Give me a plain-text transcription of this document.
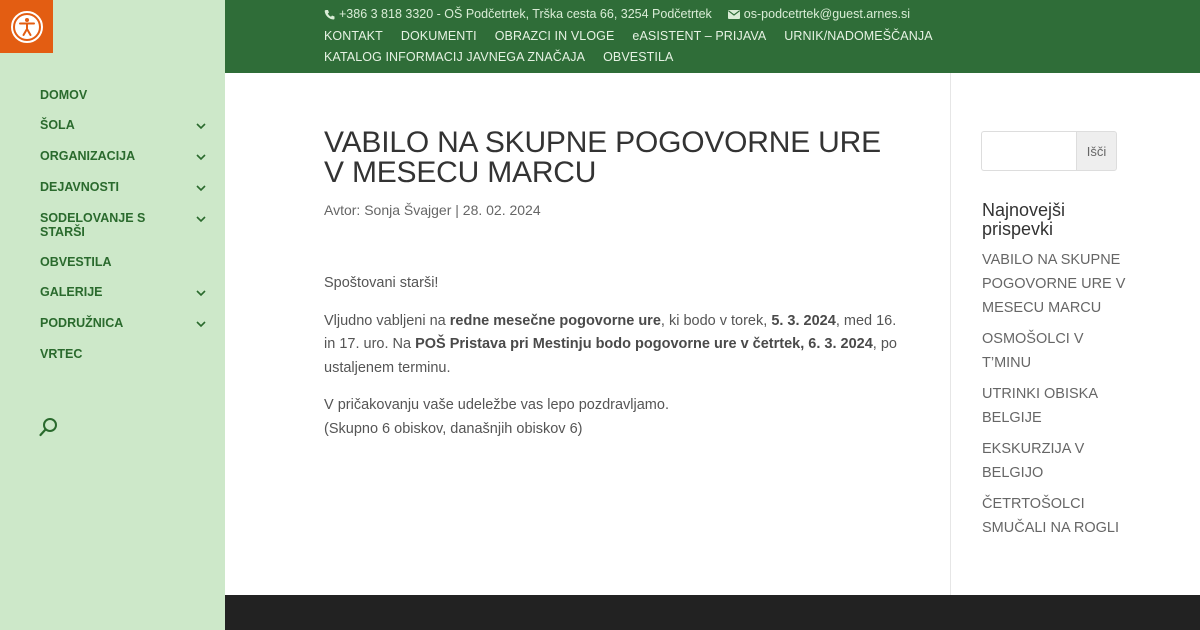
DOMOV
ŠOLA
ORGANIZACIJA
DEJAVNOSTI
SODELOVANJE S STARŠI
OBVESTILA
GALERIJE
PODRUŽNICA
VRTEC
+386 3 818 3320 - OŠ Podčetrtek, Trška cesta 66, 3254 Podčetrtek	os-podcetrtek@guest.arnes.si
KONTAKT DOKUMENTI OBRAZCI IN VLOGE eASISTENT – PRIJAVA URNIK/NADOMEŠČANJA
KATALOG INFORMACIJ JAVNEGA ZNAČAJA OBVESTILA
VABILO NA SKUPNE POGOVORNE URE V MESECU MARCU
Avtor: Sonja Švajger | 28. 02. 2024

Spoštovani starši!

Vljudno vabljeni na redne mesečne pogovorne ure, ki bodo v torek, 5. 3. 2024, med 16. in 17. uro. Na POŠ Pristava pri Mestinju bodo pogovorne ure v četrtek, 6. 3. 2024, po ustaljenem terminu.

V pričakovanju vaše udeležbe vas lepo pozdravljamo.
(Skupno 6 obiskov, današnjih obiskov 6)

Išči
Najnovejši prispevki
VABILO NA SKUPNE POGOVORNE URE V MESECU MARCU
OSMOŠOLCI V T’MINU
UTRINKI OBISKA BELGIJE
EKSKURZIJA V BELGIJO
ČETRTOŠOLCI SMUČALI NA ROGLI
